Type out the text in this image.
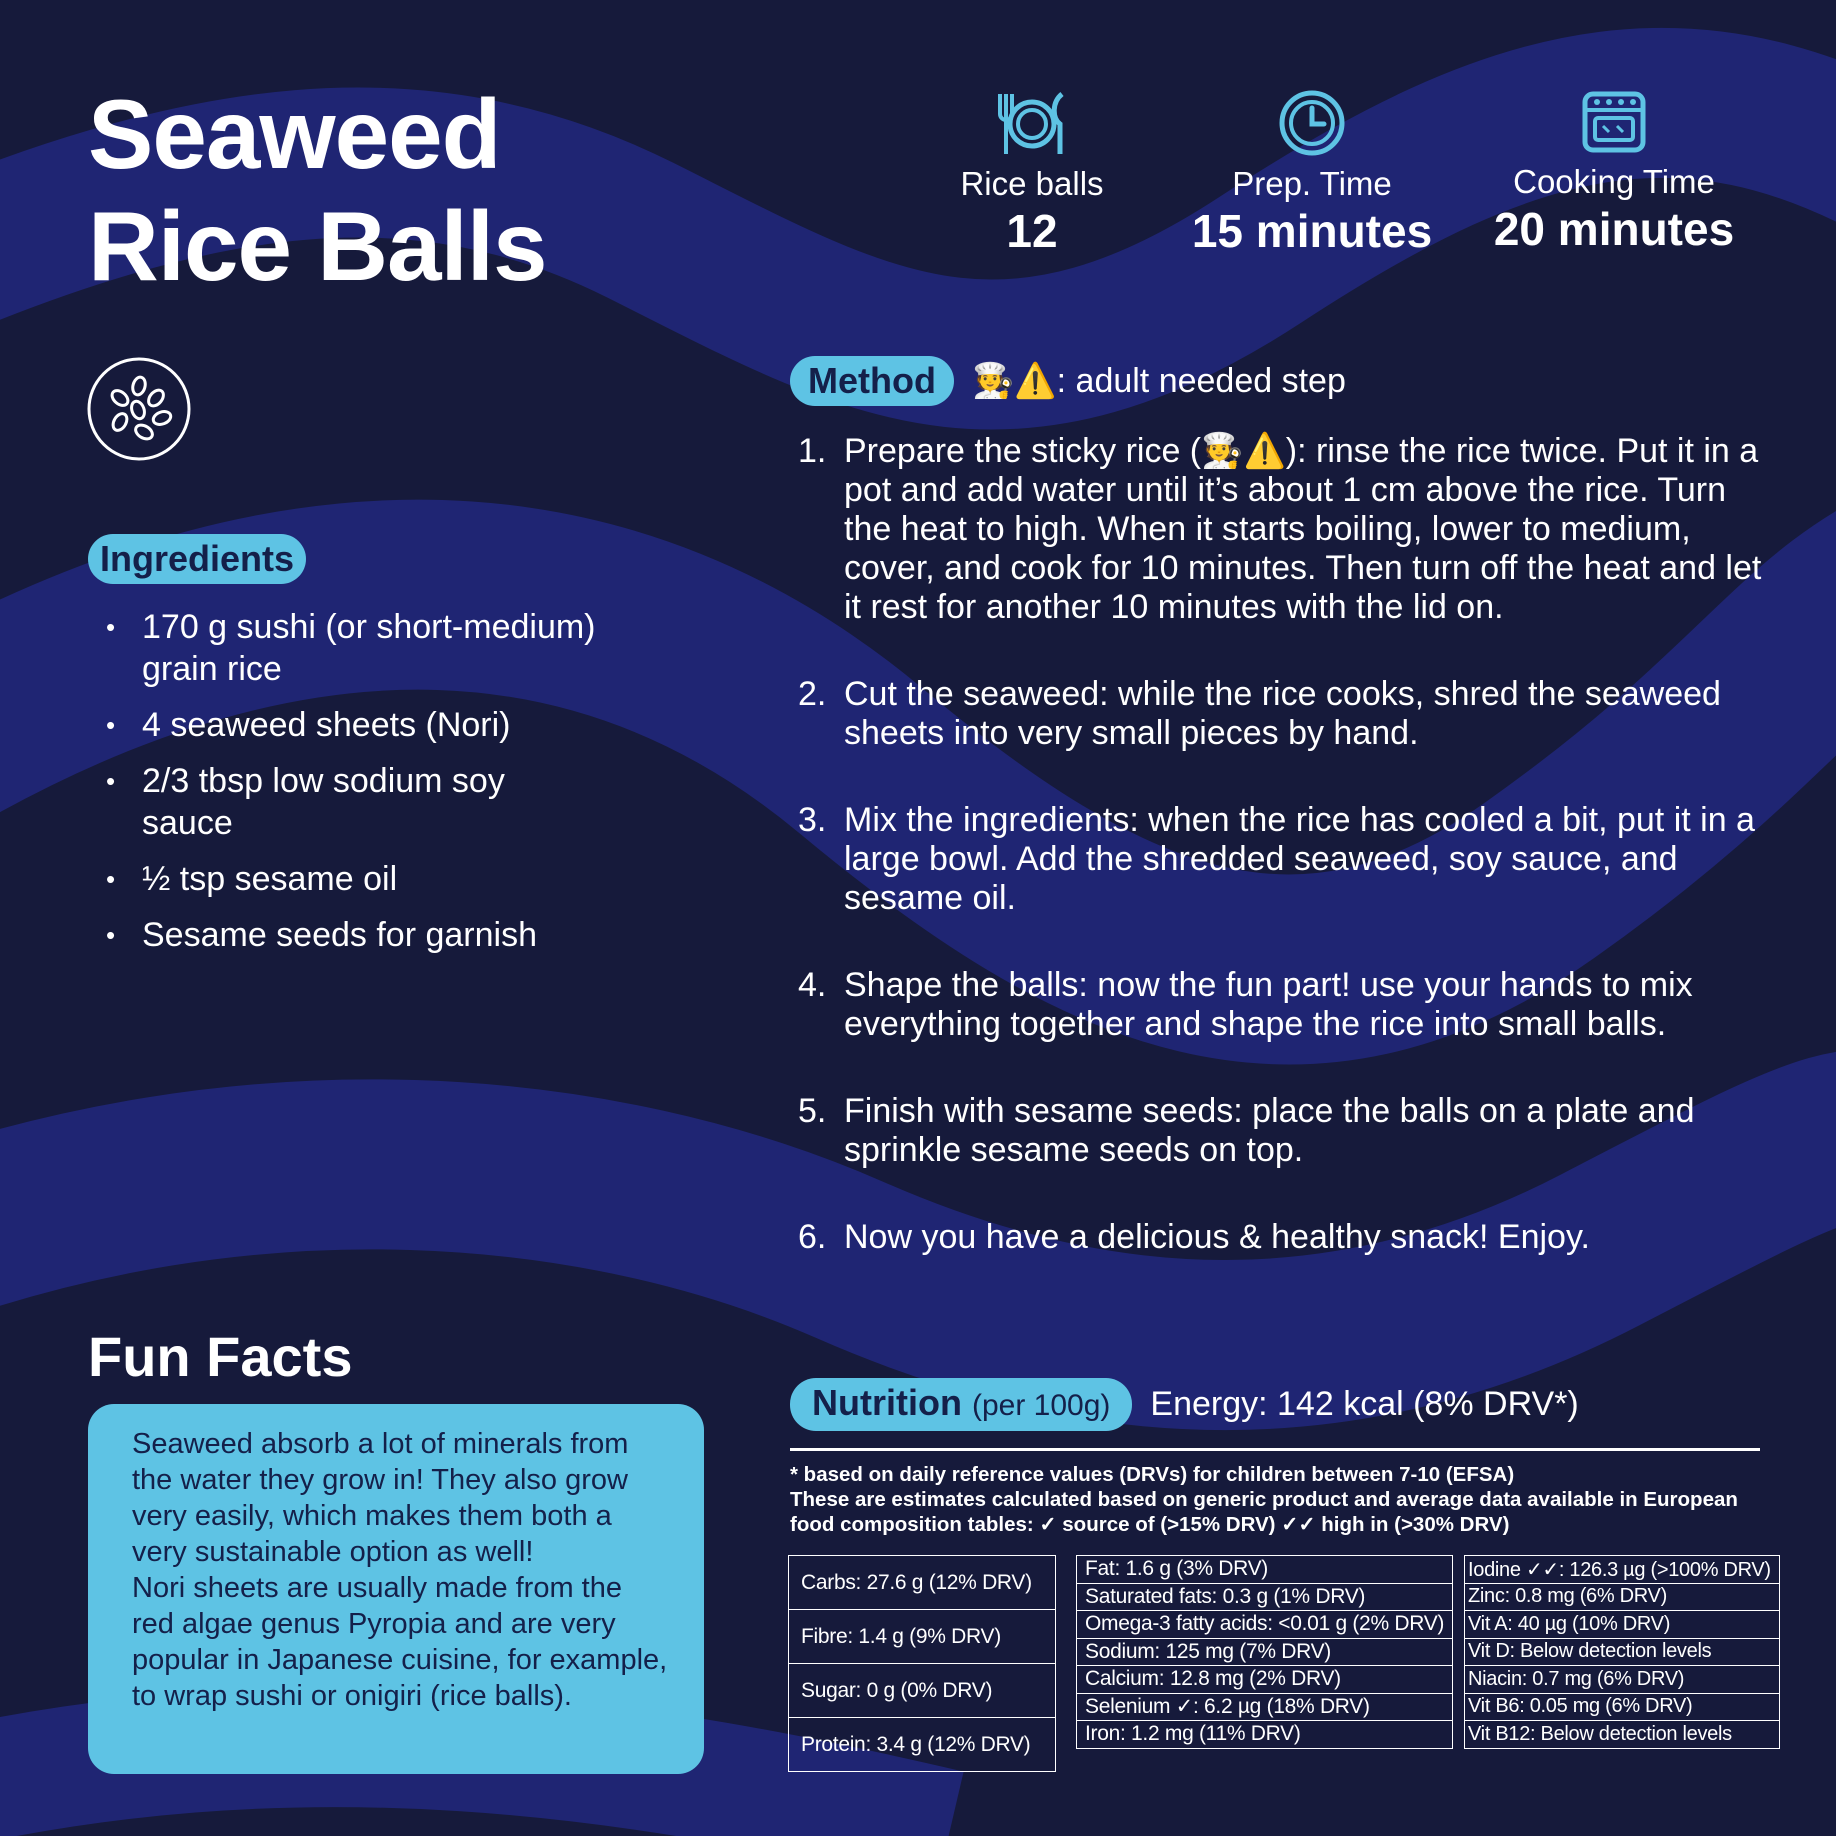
Seaweed
Rice Balls
Rice balls
12
Prep. Time
15 minutes
Cooking Time
20 minutes
Ingredients
• 170 g sushi (or short-medium) grain rice
• 4 seaweed sheets (Nori)
• 2/3 tbsp low sodium soy sauce
• ½ tsp sesame oil
• Sesame seeds for garnish
Method 🧑‍🍳⚠️: adult needed step
1. Prepare the sticky rice (🧑‍🍳⚠️): rinse the rice twice. Put it in a pot and add water until it’s about 1 cm above the rice. Turn the heat to high. When it starts boiling, lower to medium, cover, and cook for 10 minutes. Then turn off the heat and let it rest for another 10 minutes with the lid on.
2. Cut the seaweed: while the rice cooks, shred the seaweed sheets into very small pieces by hand.
3. Mix the ingredients: when the rice has cooled a bit, put it in a large bowl. Add the shredded seaweed, soy sauce, and sesame oil.
4. Shape the balls: now the fun part! use your hands to mix everything together and shape the rice into small balls.
5. Finish with sesame seeds: place the balls on a plate and sprinkle sesame seeds on top.
6. Now you have a delicious & healthy snack! Enjoy.
Fun Facts

Seaweed absorb a lot of minerals from the water they grow in! They also grow very easily, which makes them both a very sustainable option as well!

Nori sheets are usually made from the red algae genus Pyropia and are very popular in Japanese cuisine, for example, to wrap sushi or onigiri (rice balls).

Nutrition (per 100g) Energy: 142 kcal (8% DRV*)
* based on daily reference values (DRVs) for children between 7-10 (EFSA)
These are estimates calculated based on generic product and average data available in European
food composition tables: ✓ source of (>15% DRV) ✓✓ high in (>30% DRV)
Carbs: 27.6 g (12% DRV)
Fibre: 1.4 g (9% DRV)
Sugar: 0 g (0% DRV)
Protein: 3.4 g (12% DRV)
Fat: 1.6 g (3% DRV)
Saturated fats: 0.3 g (1% DRV)
Omega-3 fatty acids: <0.01 g (2% DRV)
Sodium: 125 mg (7% DRV)
Calcium: 12.8 mg (2% DRV)
Selenium ✓: 6.2 µg (18% DRV)
Iron: 1.2 mg (11% DRV)
Iodine ✓✓: 126.3 µg (>100% DRV)
Zinc: 0.8 mg (6% DRV)
Vit A: 40 µg (10% DRV)
Vit D: Below detection levels
Niacin: 0.7 mg (6% DRV)
Vit B6: 0.05 mg (6% DRV)
Vit B12: Below detection levels
